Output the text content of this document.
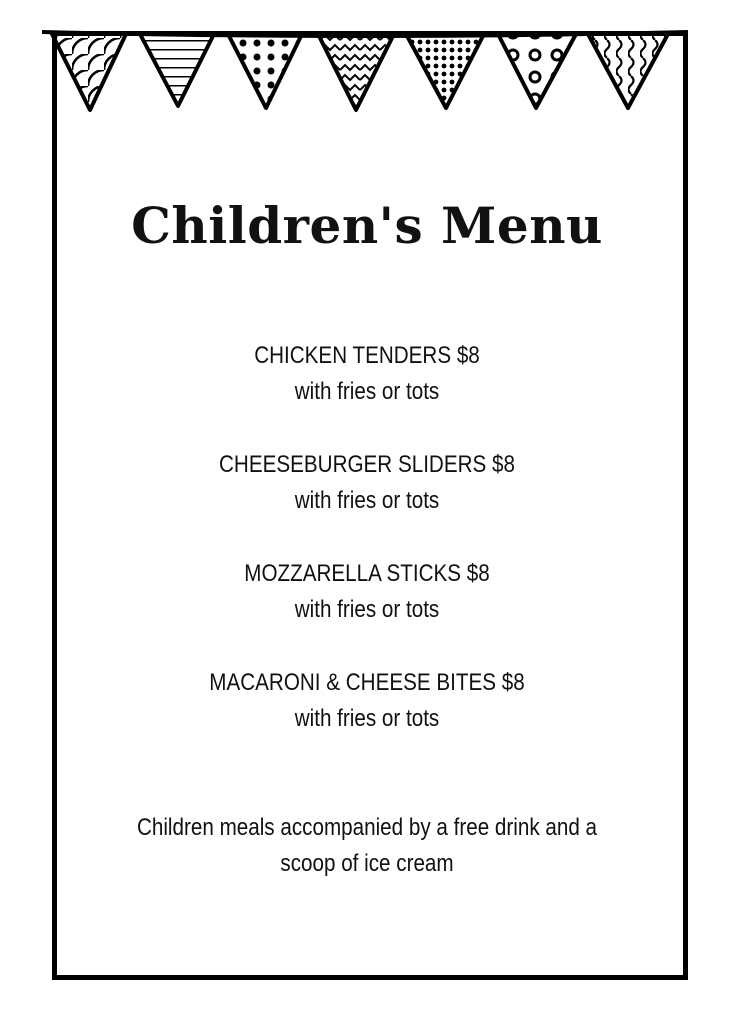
Children's Menu
CHICKEN TENDERS $8
with fries or tots
CHEESEBURGER SLIDERS $8
with fries or tots
MOZZARELLA STICKS $8
with fries or tots
MACARONI & CHEESE BITES $8
with fries or tots

Children meals accompanied by a free drink and a scoop of ice cream
